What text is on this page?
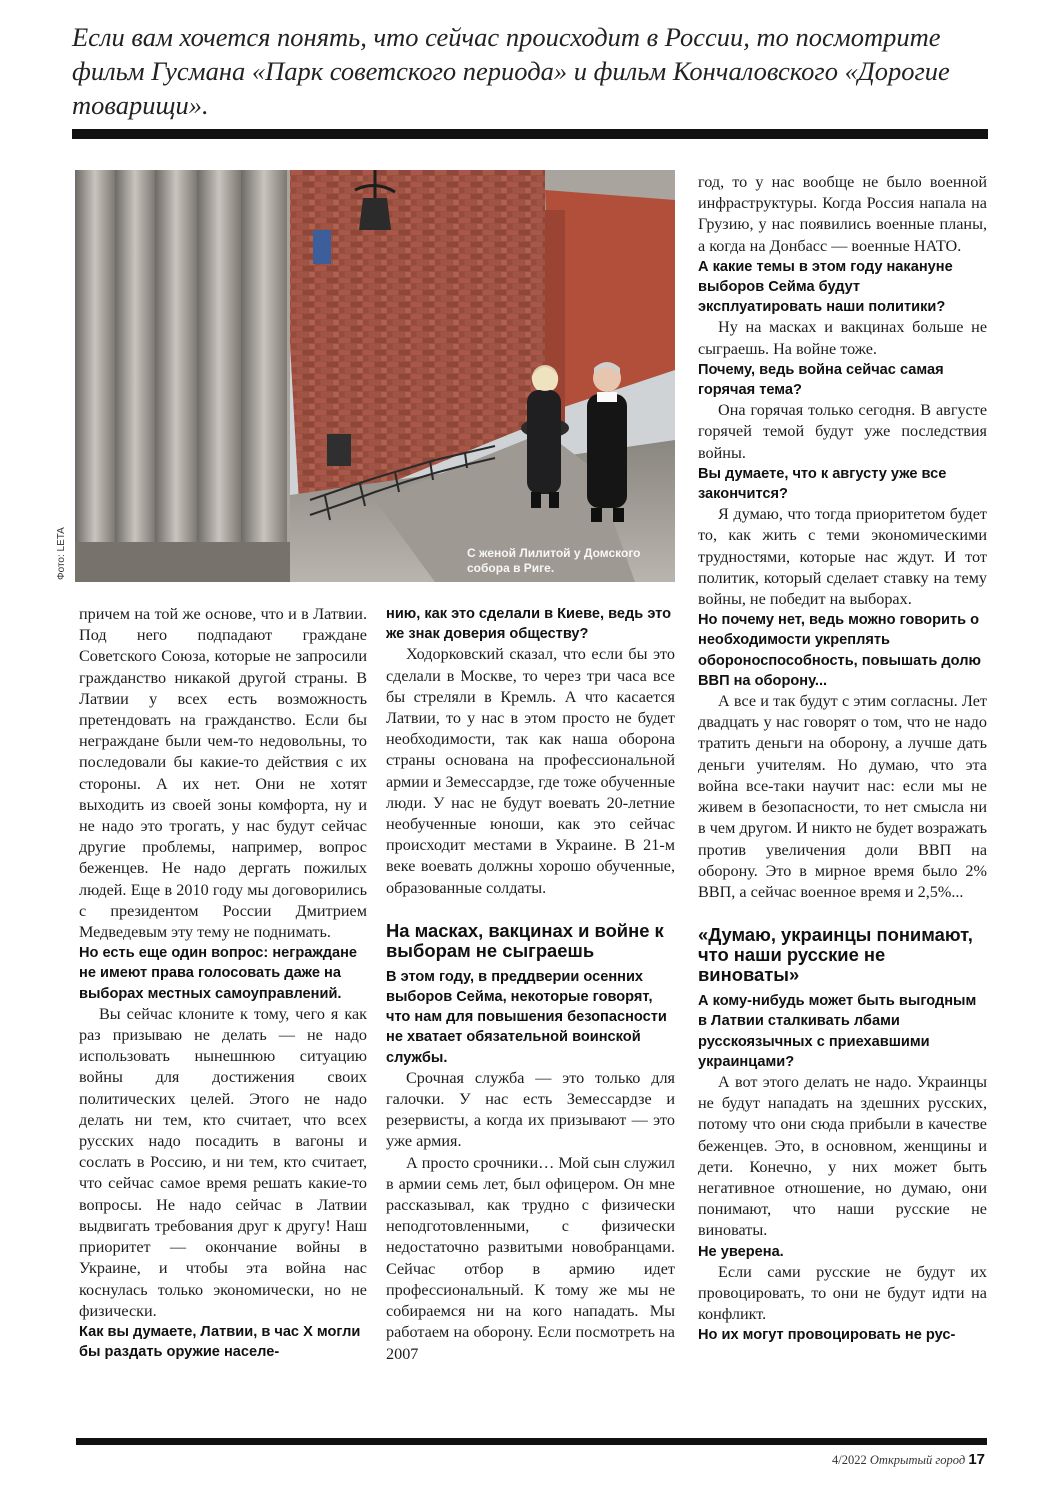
Если вам хочется понять, что сейчас происходит в России, то посмотрите фильм Гусмана «Парк советского периода» и фильм Кончаловского «Дорогие товарищи».
С женой Лилитой у Домского собора в Риге.
Фото: LETA

причем на той же основе, что и в Латвии. Под него подпадают граждане Советского Союза, которые не запросили гражданство никакой другой страны. В Латвии у всех есть возможность претендовать на гражданство. Если бы неграждане были чем-то недовольны, то последовали бы какие-то действия с их стороны. А их нет. Они не хотят выходить из своей зоны комфорта, ну и не надо это трогать, у нас будут сейчас другие проблемы, например, вопрос беженцев. Не надо дергать пожилых людей. Еще в 2010 году мы договорились с президентом России Дмитрием Медведевым эту тему не поднимать.

Но есть еще один вопрос: неграждане не имеют права голосовать даже на выборах местных самоуправлений.

Вы сейчас клоните к тому, чего я как раз призываю не делать — не надо использовать нынешнюю ситуацию войны для достижения своих политических целей. Этого не надо делать ни тем, кто считает, что всех русских надо посадить в вагоны и сослать в Россию, и ни тем, кто считает, что сейчас самое время решать какие-то вопросы. Не надо сейчас в Латвии выдвигать требования друг к другу! Наш приоритет — окончание войны в Украине, и чтобы эта война нас коснулась только экономически, но не физически.

Как вы думаете, Латвии, в час Х могли бы раздать оружие населе-

нию, как это сделали в Киеве, ведь это же знак доверия обществу?

Ходорковский сказал, что если бы это сделали в Москве, то через три часа все бы стреляли в Кремль. А что касается Латвии, то у нас в этом просто не будет необходимости, так как наша оборона страны основана на профессиональной армии и Земессардзе, где тоже обученные люди. У нас не будут воевать 20-летние необученные юноши, как это сейчас происходит местами в Украине. В 21-м веке воевать должны хорошо обученные, образованные солдаты.

На масках, вакцинах и войне к выборам не сыграешь

В этом году, в преддверии осенних выборов Сейма, некоторые говорят, что нам для повышения безопасности не хватает обязательной воинской службы.

Срочная служба — это только для галочки. У нас есть Земессардзе и резервисты, а когда их призывают — это уже армия.

А просто срочники… Мой сын служил в армии семь лет, был офицером. Он мне рассказывал, как трудно с физически неподготовленными, с физически недостаточно развитыми новобранцами. Сейчас отбор в армию идет профессиональный. К тому же мы не собираемся ни на кого нападать. Мы работаем на оборону. Если посмотреть на 2007

год, то у нас вообще не было военной инфраструктуры. Когда Россия напала на Грузию, у нас появились военные планы, а когда на Донбасс — военные НАТО.

А какие темы в этом году накануне выборов Сейма будут эксплуатировать наши политики?

Ну на масках и вакцинах больше не сыграешь. На войне тоже.

Почему, ведь война сейчас самая горячая тема?

Она горячая только сегодня. В августе горячей темой будут уже последствия войны.

Вы думаете, что к августу уже все закончится?

Я думаю, что тогда приоритетом будет то, как жить с теми экономическими трудностями, которые нас ждут. И тот политик, который сделает ставку на тему войны, не победит на выборах.

Но почему нет, ведь можно говорить о необходимости укреплять обороноспособность, повышать долю ВВП на оборону...

А все и так будут с этим согласны. Лет двадцать у нас говорят о том, что не надо тратить деньги на оборону, а лучше дать деньги учителям. Но думаю, что эта война все-таки научит нас: если мы не живем в безопасности, то нет смысла ни в чем другом. И никто не будет возражать против увеличения доли ВВП на оборону. Это в мирное время было 2% ВВП, а сейчас военное время и 2,5%...

«Думаю, украинцы понимают, что наши русские не виноваты»

А кому-нибудь может быть выгодным в Латвии сталкивать лбами русскоязычных с приехавшими украинцами?

А вот этого делать не надо. Украинцы не будут нападать на здешних русских, потому что они сюда прибыли в качестве беженцев. Это, в основном, женщины и дети. Конечно, у них может быть негативное отношение, но думаю, они понимают, что наши русские не виноваты.

Не уверена.

Если сами русские не будут их провоцировать, то они не будут идти на конфликт.

Но их могут провоцировать не рус-

4/2022 Открытый город 17
